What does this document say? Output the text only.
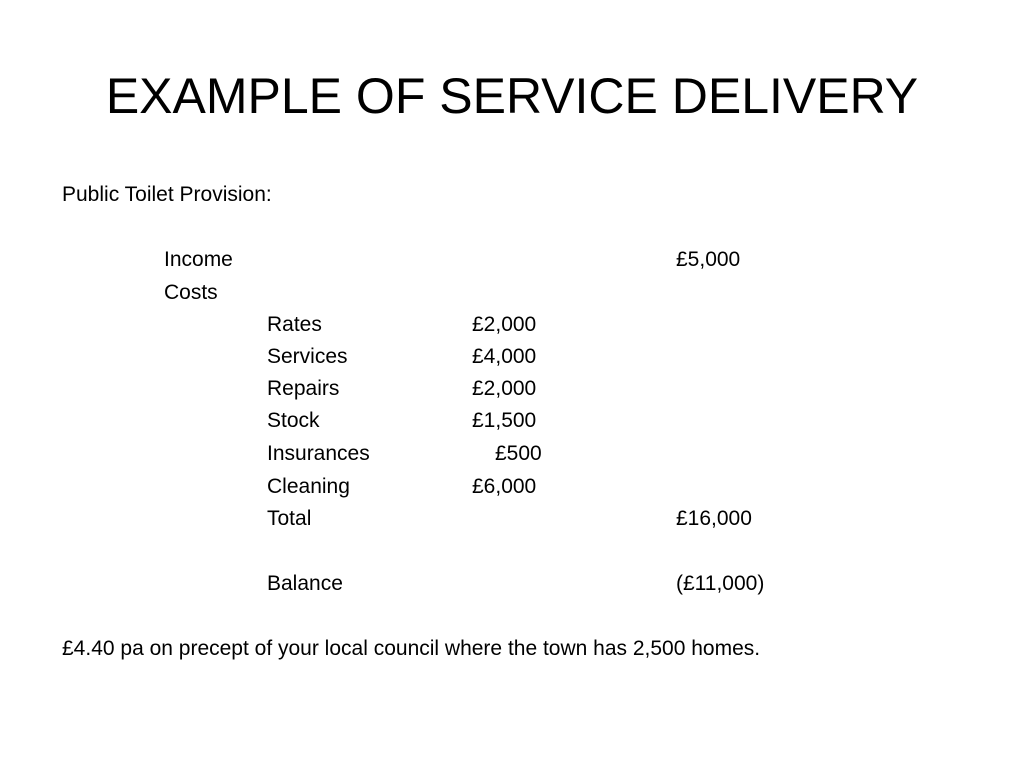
EXAMPLE OF SERVICE DELIVERY
Public Toilet Provision:
Income	£5,000
Costs
Rates	£2,000
Services	£4,000
Repairs	£2,000
Stock	£1,500
Insurances	£500
Cleaning	£6,000
Total	£16,000
Balance	(£11,000)
£4.40 pa on precept of your local council where the town has 2,500 homes.
